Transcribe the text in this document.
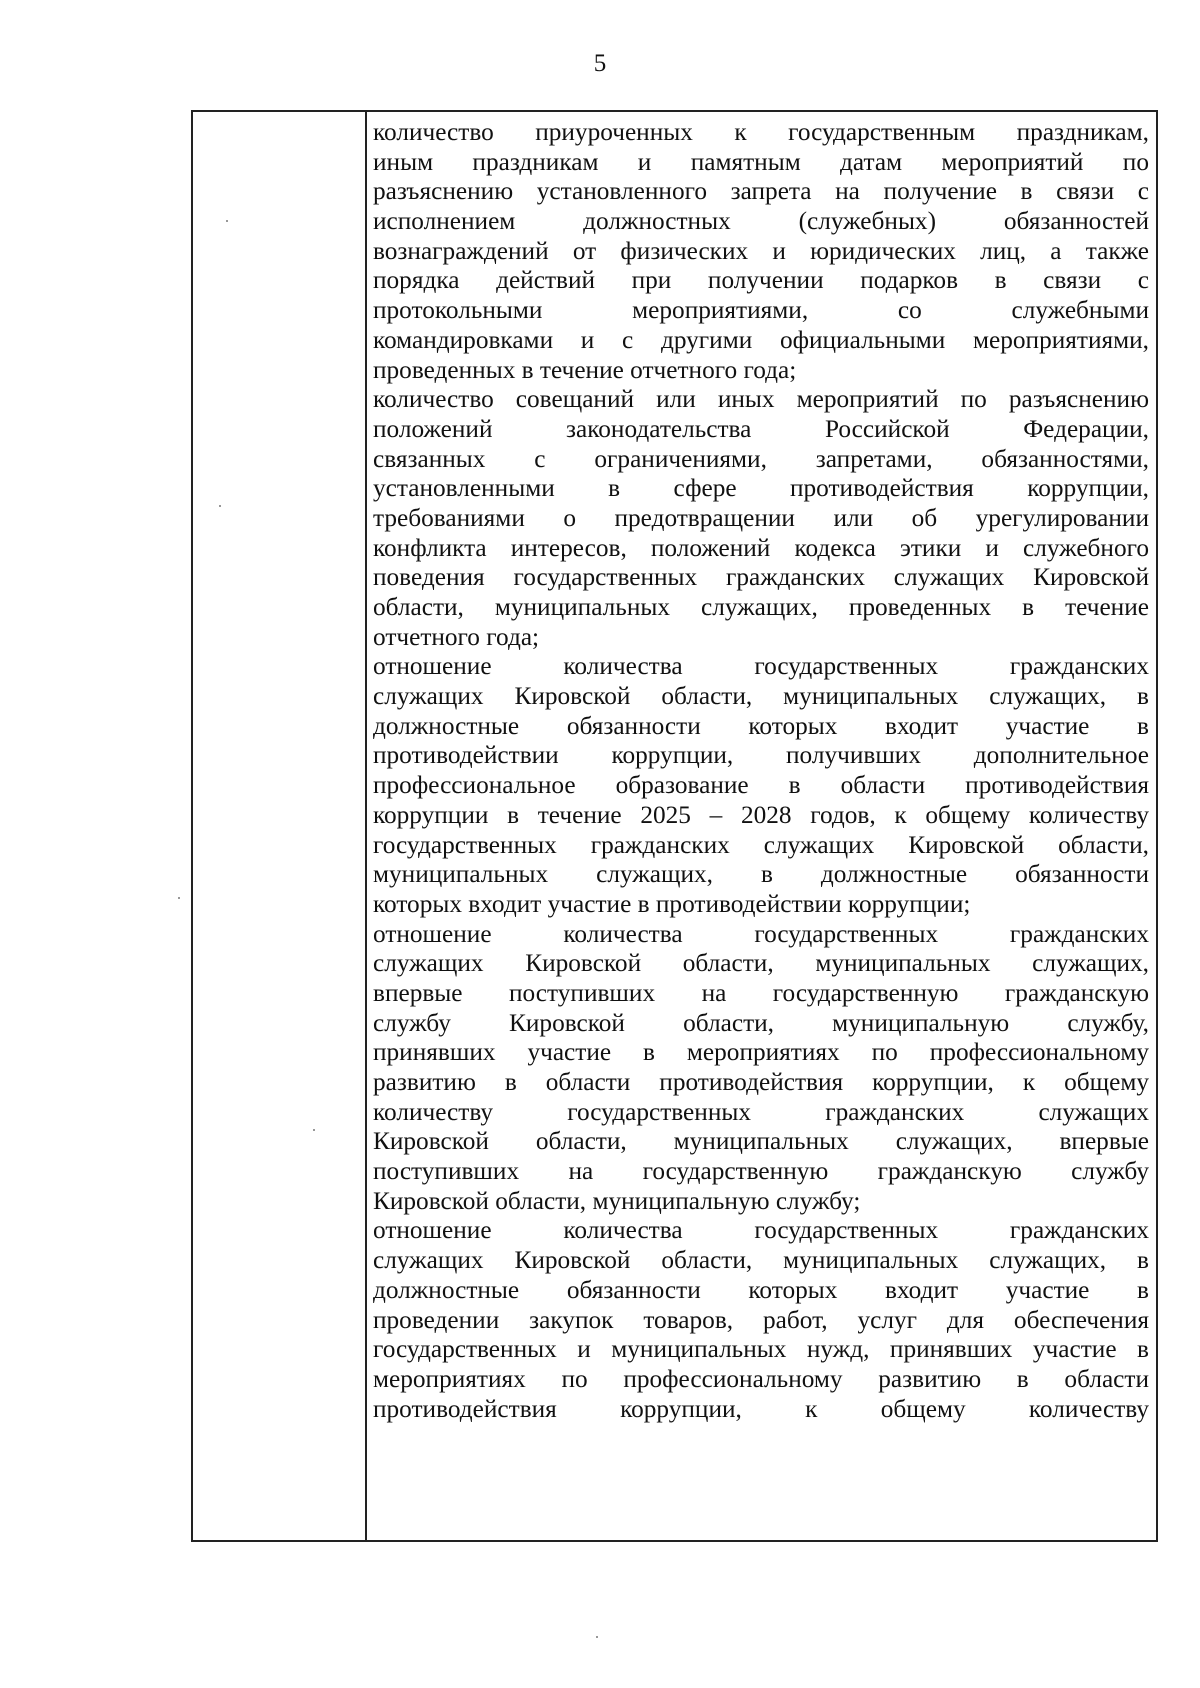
5
количество приуроченных к государственным праздникам,
иным праздникам и памятным датам мероприятий по
разъяснению установленного запрета на получение в связи с
исполнением должностных (служебных) обязанностей
вознаграждений от физических и юридических лиц, а также
порядка действий при получении подарков в связи с
протокольными мероприятиями, со служебными
командировками и с другими официальными мероприятиями,
проведенных в течение отчетного года;
количество совещаний или иных мероприятий по разъяснению
положений законодательства Российской Федерации,
связанных с ограничениями, запретами, обязанностями,
установленными в сфере противодействия коррупции,
требованиями о предотвращении или об урегулировании
конфликта интересов, положений кодекса этики и служебного
поведения государственных гражданских служащих Кировской
области, муниципальных служащих, проведенных в течение
отчетного года;
отношение количества государственных гражданских
служащих Кировской области, муниципальных служащих, в
должностные обязанности которых входит участие в
противодействии коррупции, получивших дополнительное
профессиональное образование в области противодействия
коррупции в течение 2025 – 2028 годов, к общему количеству
государственных гражданских служащих Кировской области,
муниципальных служащих, в должностные обязанности
которых входит участие в противодействии коррупции;
отношение количества государственных гражданских
служащих Кировской области, муниципальных служащих,
впервые поступивших на государственную гражданскую
службу Кировской области, муниципальную службу,
принявших участие в мероприятиях по профессиональному
развитию в области противодействия коррупции, к общему
количеству государственных гражданских служащих
Кировской области, муниципальных служащих, впервые
поступивших на государственную гражданскую службу
Кировской области, муниципальную службу;
отношение количества государственных гражданских
служащих Кировской области, муниципальных служащих, в
должностные обязанности которых входит участие в
проведении закупок товаров, работ, услуг для обеспечения
государственных и муниципальных нужд, принявших участие в
мероприятиях по профессиональному развитию в области
противодействия коррупции, к общему количеству
